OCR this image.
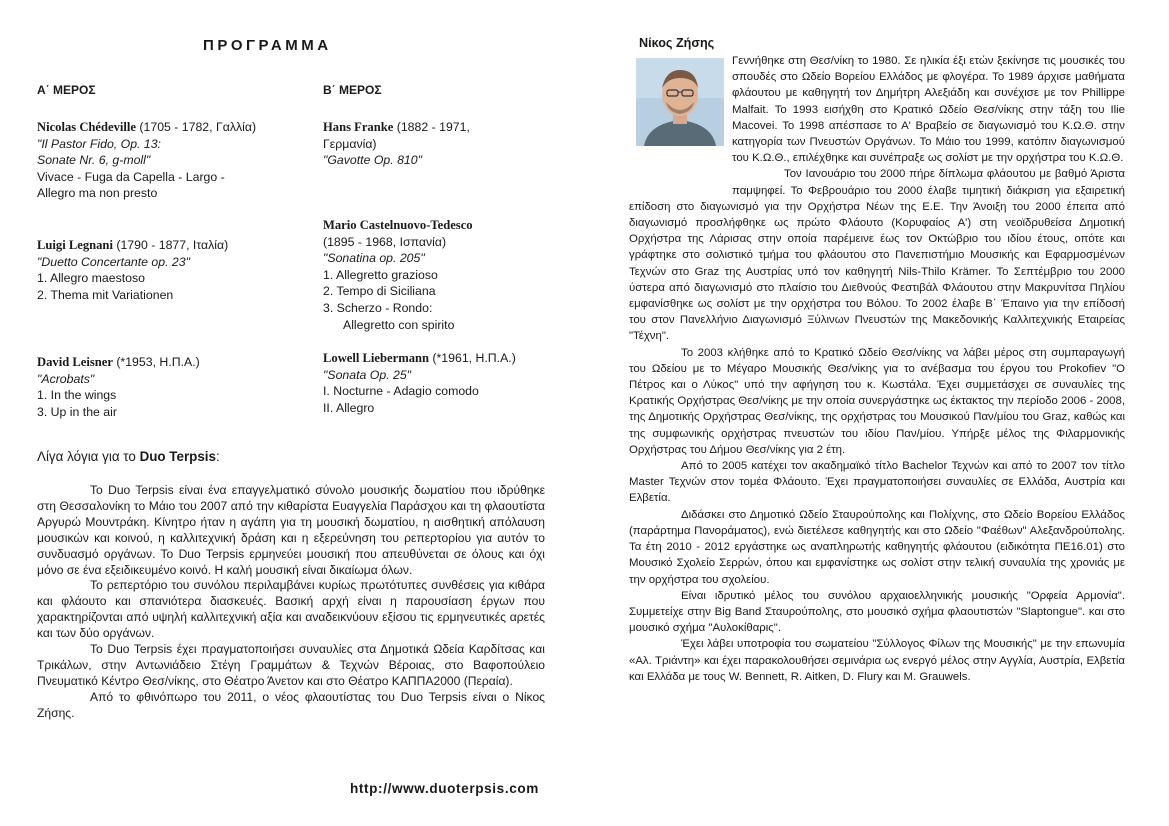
ΠΡΟΓΡΑΜΜΑ
Α΄ ΜΕΡΟΣ	Β΄ ΜΕΡΟΣ
Nicolas Chédeville (1705 - 1782, Γαλλία)
"Il Pastor Fido, Op. 13:
Sonate Nr. 6, g-moll"
Vivace - Fuga da Capella - Largo -
Allegro ma non presto
Luigi Legnani (1790 - 1877, Ιταλία)
"Duetto Concertante op. 23"
1. Allegro maestoso
2. Thema mit Variationen
David Leisner (*1953, Η.Π.Α.)
"Acrobats"
1. In the wings
3. Up in the air
Hans Franke (1882 - 1971,
Γερμανία)
"Gavotte Op. 810"
Mario Castelnuovo-Tedesco
(1895 - 1968, Ισπανία)
"Sonatina op. 205"
1. Allegretto grazioso
2. Tempo di Siciliana
3. Scherzo - Rondo:
Allegretto con spirito
Lowell Liebermann (*1961, Η.Π.Α.)
"Sonata Op. 25"
I. Nocturne - Adagio comodo
II. Allegro
Λίγα λόγια για το Duo Terpsis:

Το Duo Terpsis είναι ένα επαγγελματικό σύνολο μουσικής δωματίου που ιδρύθηκε στη Θεσσαλονίκη το Μάιο του 2007 από την κιθαρίστα Ευαγγελία Παράσχου και τη φλαουτίστα Αργυρώ Μουντράκη. Κίνητρο ήταν η αγάπη για τη μουσική δωματίου, η αισθητική απόλαυση μουσικών και κοινού, η καλλιτεχνική δράση και η εξερεύνηση του ρεπερτορίου για αυτόν το συνδυασμό οργάνων. Το Duo Terpsis ερμηνεύει μουσική που απευθύνεται σε όλους και όχι μόνο σε ένα εξειδικευμένο κοινό. Η καλή μουσική είναι δικαίωμα όλων.

Το ρεπερτόριο του συνόλου περιλαμβάνει κυρίως πρωτότυπες συνθέσεις για κιθάρα και φλάουτο και σπανιότερα διασκευές. Βασική αρχή είναι η παρουσίαση έργων που χαρακτηρίζονται από υψηλή καλλιτεχνική αξία και αναδεικνύουν εξίσου τις ερμηνευτικές αρετές και των δύο οργάνων.

Το Duo Terpsis έχει πραγματοποιήσει συναυλίες στα Δημοτικά Ωδεία Καρδίτσας και Τρικάλων, στην Αντωνιάδειο Στέγη Γραμμάτων & Τεχνών Βέροιας, στο Βαφοπούλειο Πνευματικό Κέντρο Θεσ/νίκης, στο Θέατρο Άνετον και στο Θέατρο ΚΑΠΠΑ2000 (Περαία).

Από το φθινόπωρο του 2011, ο νέος φλαουτίστας του Duo Terpsis είναι ο Νίκος Ζήσης.

http://www.duoterpsis.com
Νίκος Ζήσης

Γεννήθηκε στη Θεσ/νίκη το 1980. Σε ηλικία έξι ετών ξεκίνησε τις μουσικές του σπουδές στο Ωδείο Βορείου Ελλάδος με φλογέρα. Το 1989 άρχισε μαθήματα φλάουτου με καθηγητή τον Δημήτρη Αλεξιάδη και συνέχισε με τον Phillippe Malfait. Το 1993 εισήχθη στο Κρατικό Ωδείο Θεσ/νίκης στην τάξη του Ilie Macovei. Το 1998 απέσπασε το Α' Βραβείο σε διαγωνισμό του Κ.Ω.Θ. στην κατηγορία των Πνευστών Οργάνων. Το Μάιο του 1999, κατόπιν διαγωνισμού του Κ.Ω.Θ., επιλέχθηκε και συνέπραξε ως σολίστ με την ορχήστρα του Κ.Ω.Θ.

Τον Ιανουάριο του 2000 πήρε δίπλωμα φλάουτου με βαθμό Άριστα παμψηφεί. Το Φεβρουάριο του 2000 έλαβε τιμητική διάκριση για εξαιρετική επίδοση στο διαγωνισμό για την Ορχήστρα Νέων της Ε.Ε. Την Άνοιξη του 2000 έπειτα από διαγωνισμό προσλήφθηκε ως πρώτο Φλάουτο (Κορυφαίος Α') στη νεοϊδρυθείσα Δημοτική Ορχήστρα της Λάρισας στην οποία παρέμεινε έως τον Οκτώβριο του ιδίου έτους, οπότε και γράφτηκε στο σολιστικό τμήμα του φλάουτου στο Πανεπιστήμιο Μουσικής και Εφαρμοσμένων Τεχνών στο Graz της Αυστρίας υπό τον καθηγητή Nils-Thilo Krämer. Το Σεπτέμβριο του 2000 ύστερα από διαγωνισμό στο πλαίσιο του Διεθνούς Φεστιβάλ Φλάουτου στην Μακρυνίτσα Πηλίου εμφανίσθηκε ως σολίστ με την ορχήστρα του Βόλου. Το 2002 έλαβε Β΄ Έπαινο για την επίδοσή του στον Πανελλήνιο Διαγωνισμό Ξύλινων Πνευστών της Μακεδονικής Καλλιτεχνικής Εταιρείας "Τέχνη".

Το 2003 κλήθηκε από το Κρατικό Ωδείο Θεσ/νίκης να λάβει μέρος στη συμπαραγωγή του Ωδείου με το Μέγαρο Μουσικής Θεσ/νίκης για το ανέβασμα του έργου του Prokofiev "Ο Πέτρος και ο Λύκος" υπό την αφήγηση του κ. Κωστάλα. Έχει συμμετάσχει σε συναυλίες της Κρατικής Ορχήστρας Θεσ/νίκης με την οποία συνεργάστηκε ως έκτακτος την περίοδο 2006 - 2008, της Δημοτικής Ορχήστρας Θεσ/νίκης, της ορχήστρας του Μουσικού Παν/μίου του Graz, καθώς και της συμφωνικής ορχήστρας πνευστών του ιδίου Παν/μίου. Υπήρξε μέλος της Φιλαρμονικής Ορχήστρας του Δήμου Θεσ/νίκης για 2 έτη.

Από το 2005 κατέχει τον ακαδημαϊκό τίτλο Bachelor Τεχνών και από το 2007 τον τίτλο Master Τεχνών στον τομέα Φλάουτο. Έχει πραγματοποιήσει συναυλίες σε Ελλάδα, Αυστρία και Ελβετία.

Διδάσκει στο Δημοτικό Ωδείο Σταυρούπολης και Πολίχνης, στο Ωδείο Βορείου Ελλάδος (παράρτημα Πανοράματος), ενώ διετέλεσε καθηγητής και στο Ωδείο "Φαέθων" Αλεξανδρούπολης. Τα έτη 2010 - 2012 εργάστηκε ως αναπληρωτής καθηγητής φλάουτου (ειδικότητα ΠΕ16.01) στο Μουσικό Σχολείο Σερρών, όπου και εμφανίστηκε ως σολίστ στην τελική συναυλία της χρονιάς με την ορχήστρα του σχολείου.

Είναι ιδρυτικό μέλος του συνόλου αρχαιοελληνικής μουσικής "Ορφεία Αρμονία". Συμμετείχε στην Big Band Σταυρούπολης, στο μουσικό σχήμα φλαουτιστών "Slaptongue". και στο μουσικό σχήμα "Αυλοκίθαρις".

Έχει λάβει υποτροφία του σωματείου "Σύλλογος Φίλων της Μουσικής" με την επωνυμία «Αλ. Τριάντη» και έχει παρακολουθήσει σεμινάρια ως ενεργό μέλος στην Αγγλία, Αυστρία, Ελβετία και Ελλάδα με τους W. Bennett, R. Aitken, D. Flury και M. Grauwels.
